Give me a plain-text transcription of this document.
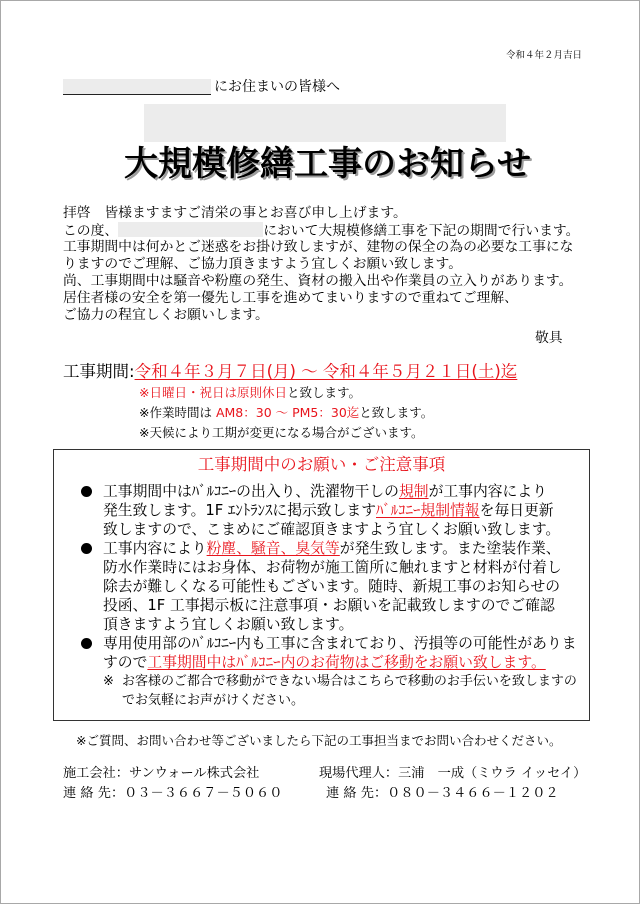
令和４年２月吉日
にお住まいの皆様へ
大規模修繕工事のお知らせ
拝啓　皆様ますますご清栄の事とお喜び申し上げます。
この度、	において大規模修繕工事を下記の期間で行います。
工事期間中は何かとご迷惑をお掛け致しますが、建物の保全の為の必要な工事にな
りますのでご理解、ご協力頂きますよう宜しくお願い致します。
尚、工事期間中は騒音や粉塵の発生、資材の搬入出や作業員の立入りがあります。
居住者様の安全を第一優先し工事を進めてまいりますので重ねてご理解、
ご協力の程宜しくお願いします。
敬具
工事期間:令和４年３月７日(月) ～ 令和４年５月２１日(土)迄
※日曜日・祝日は原則休日と致します。
※作業時間は AM8：30 ～ PM5：30迄と致します。
※天候により工期が変更になる場合がございます。
工事期間中のお願い・ご注意事項
工事期間中はﾊﾞﾙｺﾆｰの出入り、洗濯物干しの規制が工事内容により
発生致します。1F ｴﾝﾄﾗﾝｽに掲示致しますﾊﾞﾙｺﾆｰ規制情報を毎日更新
致しますので、こまめにご確認頂きますよう宜しくお願い致します。
工事内容により粉塵、騒音、臭気等が発生致します。また塗装作業、
防水作業時にはお身体、お荷物が施工箇所に触れますと材料が付着し
除去が難しくなる可能性もございます。随時、新規工事のお知らせの
投函、1F 工事掲示板に注意事項・お願いを記載致しますのでご確認
頂きますよう宜しくお願い致します。
専用使用部のﾊﾞﾙｺﾆｰ内も工事に含まれており、汚損等の可能性がありま
すので工事期間中はﾊﾞﾙｺﾆｰ内のお荷物はご移動をお願い致します。
※ お客様のご都合で移動ができない場合はこちらで移動のお手伝いを致しますの
でお気軽にお声がけください。
※ご質問、お問い合わせ等ございましたら下記の工事担当までお問い合わせください。
施工会社：サンウォール株式会社
連 絡 先：０３－３６６７－５０６０
現場代理人：三浦　一成（ミウラ イッセイ）
連 絡 先：０８０－３４６６－１２０２
